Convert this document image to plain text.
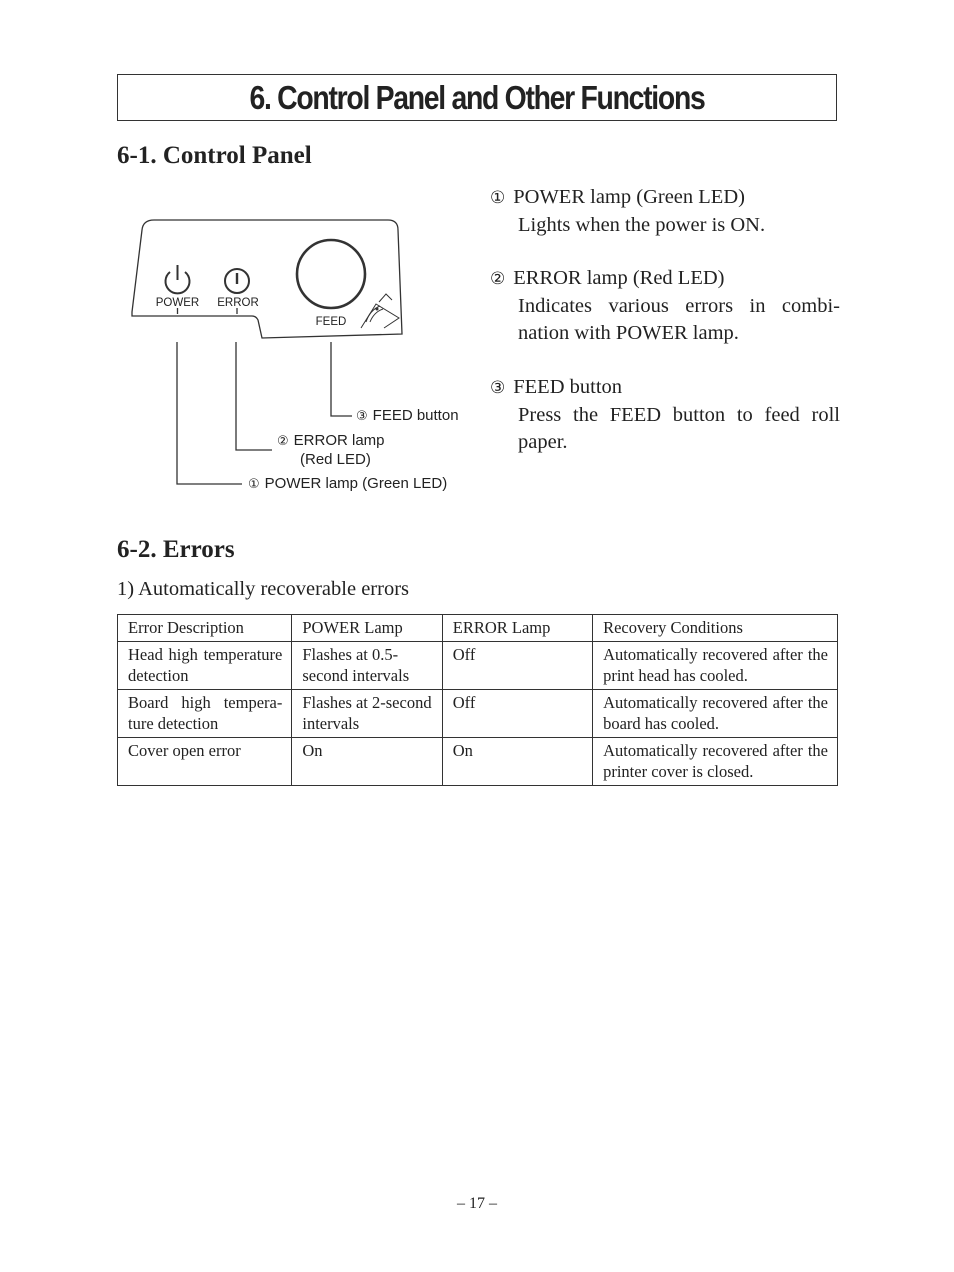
6. Control Panel and Other Functions
6-1. Control Panel
POWER ERROR
FEED
③ FEED button
② ERROR lamp
(Red LED)
① POWER lamp (Green LED)
① POWER lamp (Green LED)
Lights when the power is ON.
② ERROR lamp (Red LED)
Indicates various errors in combi-nation with POWER lamp.
③ FEED button
Press the FEED button to feed roll paper.
6-2. Errors
1) Automatically recoverable errors
Error Description	POWER Lamp	ERROR Lamp	Recovery Conditions
Head high temperature detection	Flashes at 0.5-second intervals	Off	Automatically recovered after the print head has cooled.
Board high tempera-ture detection	Flashes at 2-second intervals	Off	Automatically recovered after the board has cooled.
Cover open error	On	On	Automatically recovered after the printer cover is closed.
– 17 –
